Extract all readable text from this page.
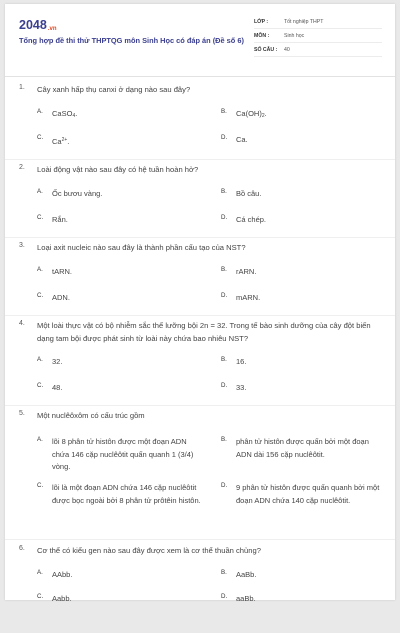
2048.vn
Tổng hợp đề thi thử THPTQG môn Sinh Học có đáp án (Đề số 6)
LỚP :	Tốt nghiệp THPT
MÔN :	Sinh học
SỐ CÂU : 40
1. Cây xanh hấp thụ canxi ở dạng nào sau đây?
A. CaSO$_4$.	B. $Ca(OH)_2$.
C. $Ca^{2+}$.	D. Ca.
2. Loài động vật nào sau đây có hệ tuần hoàn hở?
A. Ốc bươu vàng.	B. Bồ câu.
C. Rắn.	D. Cá chép.
3. Loại axit nucleic nào sau đây là thành phần cấu tạo của NST?
A. tARN.	B. rARN.
C. ADN.	D. mARN.
4. Một loài thực vật có bộ nhiễm sắc thể lưỡng bội 2n = 32. Trong tế bào sinh dưỡng của cây đột biến dạng tam bội được phát sinh từ loài này chứa bao nhiêu NST?
A. 32.	B. 16.
C. 48.	D. 33.
5. Một nuclêôxôm có cấu trúc gồm
A. lõi 8 phân tử histôn được một đoạn ADN chứa 146 cặp nuclêôtit quấn quanh 1 (3/4) vòng.
B. phân tử histôn được quấn bởi một đoạn ADN dài 156 cặp nuclêôtit.
C. lõi là một đoạn ADN chứa 146 cặp nuclêôtit được bọc ngoài bởi 8 phân tử prôtêin histôn.
D. 9 phân tử histôn được quấn quanh bởi một đoạn ADN chứa 140 cặp nuclêôtit.
6. Cơ thể có kiểu gen nào sau đây được xem là cơ thể thuần chủng?
A. AAbb.	B. AaBb.
C. Aabb.	D. aaBb.
